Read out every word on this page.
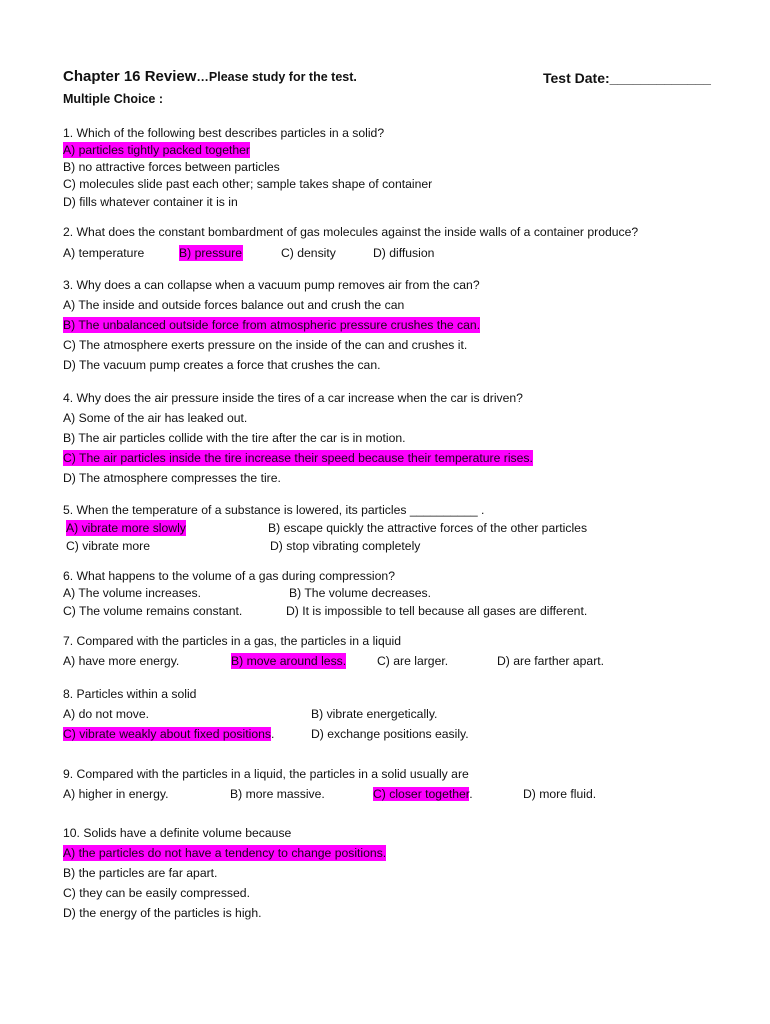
Chapter 16 Review…Please study for the test.	Test Date:_____________
Multiple Choice :
1. Which of the following best describes particles in a solid?
A) particles tightly packed together
B) no attractive forces between particles
C) molecules slide past each other; sample takes shape of container
D) fills whatever container it is in
2. What does the constant bombardment of gas molecules against the inside walls of a container produce?
A) temperature	B) pressure	C) density	D) diffusion
3. Why does a can collapse when a vacuum pump removes air from the can?
A) The inside and outside forces balance out and crush the can
B) The unbalanced outside force from atmospheric pressure crushes the can.
C) The atmosphere exerts pressure on the inside of the can and crushes it.
D) The vacuum pump creates a force that crushes the can.
4. Why does the air pressure inside the tires of a car increase when the car is driven?
A) Some of the air has leaked out.
B) The air particles collide with the tire after the car is in motion.
C) The air particles inside the tire increase their speed because their temperature rises.
D) The atmosphere compresses the tire.
5. When the temperature of a substance is lowered, its particles __________ .
A) vibrate more slowly	B) escape quickly the attractive forces of the other particles
C) vibrate more	D) stop vibrating completely
6. What happens to the volume of a gas during compression?
A) The volume increases.	B) The volume decreases.
C) The volume remains constant.	D) It is impossible to tell because all gases are different.
7. Compared with the particles in a gas, the particles in a liquid
A) have more energy.	B) move around less.	C) are larger.	D) are farther apart.
8. Particles within a solid
A) do not move.	B) vibrate energetically.
C) vibrate weakly about fixed positions.	D) exchange positions easily.
9. Compared with the particles in a liquid, the particles in a solid usually are
A) higher in energy.	B) more massive.	C) closer together.	D) more fluid.
10. Solids have a definite volume because
A) the particles do not have a tendency to change positions.
B) the particles are far apart.
C) they can be easily compressed.
D) the energy of the particles is high.
